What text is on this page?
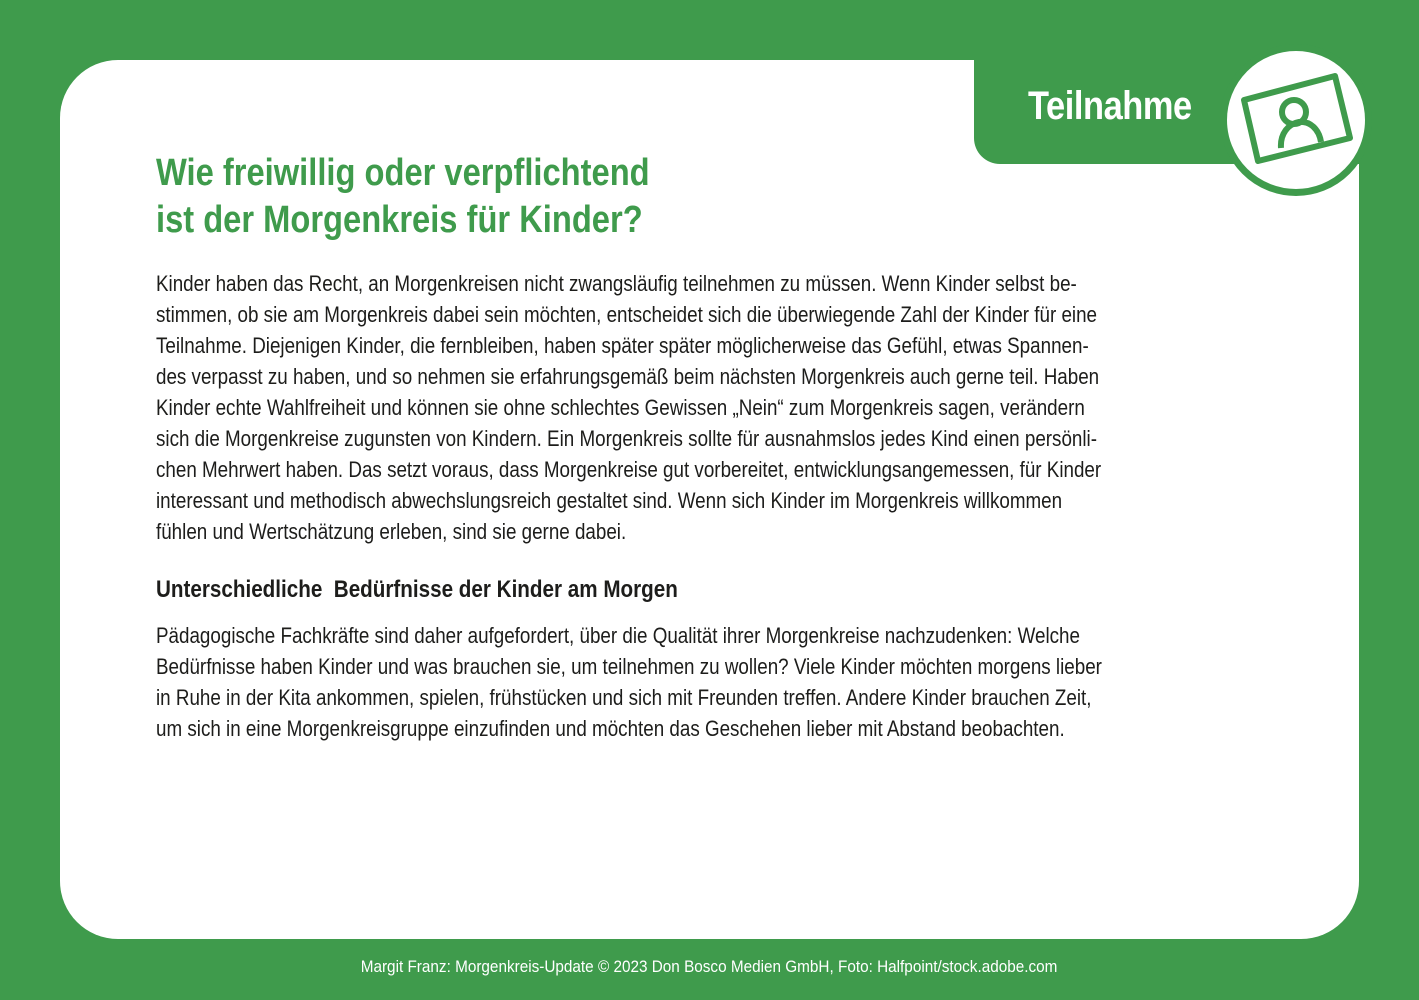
Teilnahme
Wie freiwillig oder verpflichtend
ist der Morgenkreis für Kinder?

Kinder haben das Recht, an Morgenkreisen nicht zwangsläufig teilnehmen zu müssen. Wenn Kinder selbst be-
stimmen, ob sie am Morgenkreis dabei sein möchten, entscheidet sich die überwiegende Zahl der Kinder für eine
Teilnahme. Diejenigen Kinder, die fernbleiben, haben später später möglicherweise das Gefühl, etwas Spannen-
des verpasst zu haben, und so nehmen sie erfahrungsgemäß beim nächsten Morgenkreis auch gerne teil. Haben
Kinder echte Wahlfreiheit und können sie ohne schlechtes Gewissen „Nein“ zum Morgenkreis sagen, verändern
sich die Morgenkreise zugunsten von Kindern. Ein Morgenkreis sollte für ausnahmslos jedes Kind einen persönli-
chen Mehrwert haben. Das setzt voraus, dass Morgenkreise gut vorbereitet, entwicklungsangemessen, für Kinder
interessant und methodisch abwechslungsreich gestaltet sind. Wenn sich Kinder im Morgenkreis willkommen
fühlen und Wertschätzung erleben, sind sie gerne dabei.

Unterschiedliche  Bedürfnisse der Kinder am Morgen

Pädagogische Fachkräfte sind daher aufgefordert, über die Qualität ihrer Morgenkreise nachzudenken: Welche
Bedürfnisse haben Kinder und was brauchen sie, um teilnehmen zu wollen? Viele Kinder möchten morgens lieber
in Ruhe in der Kita ankommen, spielen, frühstücken und sich mit Freunden treffen. Andere Kinder brauchen Zeit,
um sich in eine Morgenkreisgruppe einzufinden und möchten das Geschehen lieber mit Abstand beobachten.

Margit Franz: Morgenkreis-Update © 2023 Don Bosco Medien GmbH, Foto: Halfpoint/stock.adobe.com
